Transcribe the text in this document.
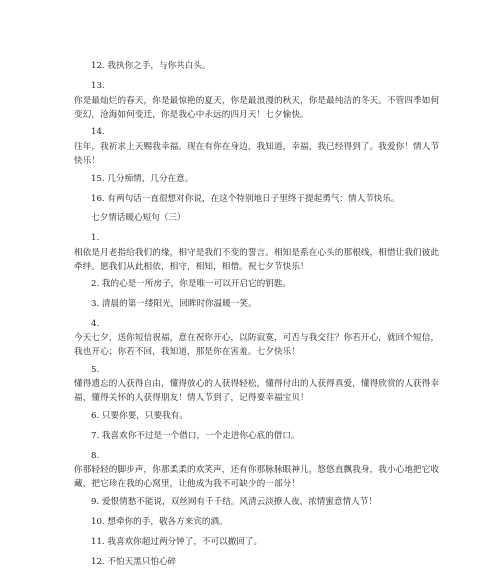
12. 我执你之手，与你共白头。
13.
你是最灿烂的春天，你是最惊艳的夏天，你是最浪漫的秋天，你是最纯洁的冬天。不管四季如何变幻，沧海如何变迁，你是我心中永远的四月天！七夕愉快。
14.
往年，我祈求上天赐我幸福。现在有你在身边，我知道，幸福，我已经得到了。我爱你！情人节快乐！
15. 几分痴情，几分在意。
16. 有两句话一直很想对你说，在这个特别地日子里终于提起勇气：情人节快乐。
七夕情话暖心短句（三）
1.
相依是月老指给我们的缘，相守是我们不变的誓言。相知是系在心头的那根线，相惜让我们彼此牵绊。愿我们从此相依，相守，相知，相惜。祝七夕节快乐！
2. 我的心是一所房子，你是唯一可以开启它的钥匙。
3. 清晨的第一缕阳光，回眸时你温暖一笑。
4.
今天七夕，送你短信祝福，意在祝你开心，以防寂寞，可否与我交往？你若开心，就回个短信，我也开心；你若不回，我知道，那是你在害羞。七夕快乐！
5.
懂得遗忘的人获得自由，懂得放心的人获得轻松，懂得付出的人获得真爱，懂得欣赏的人获得幸福，懂得关怀的人获得朋友！情人节到了，记得要幸福宝贝！
6. 只要你要，只要我有。
7. 我喜欢你不过是一个借口，一个走进你心底的借口。
8.
你那轻轻的脚步声，你那柔柔的欢笑声，还有你那脉脉眼神儿，悠悠直飘我身，我小心地把它收藏，把它珍在我的心窝里，让他成为我不可缺少的一部分！
9. 爱恨情愁不能说，双丝网有千千结。风清云淡撩人夜，浓情蜜意情人节！
10. 想牵你的手，敬各方来宾的酒。
11. 我喜欢你超过两分钟了，不可以撤回了。
12. 不怕天黑只怕心碎
